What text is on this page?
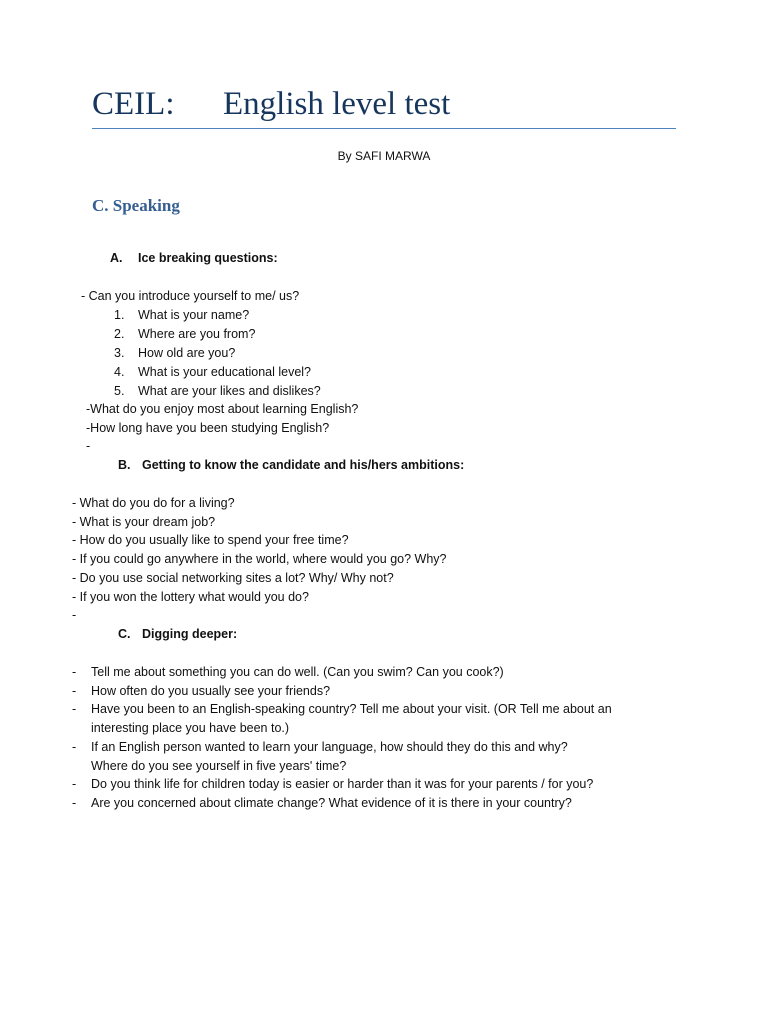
CEIL: English level test
By SAFI MARWA
C. Speaking
A. Ice breaking questions:
- Can you introduce yourself to me/ us?
1. What is your name?
2. Where are you from?
3. How old are you?
4. What is your educational level?
5. What are your likes and dislikes?
-What do you enjoy most about learning English?
-How long have you been studying English?
-
B. Getting to know the candidate and his/hers ambitions:
- What do you do for a living?
- What is your dream job?
- How do you usually like to spend your free time?
- If you could go anywhere in the world, where would you go? Why?
- Do you use social networking sites a lot? Why/ Why not?
- If you won the lottery what would you do?
-
C. Digging deeper:
- Tell me about something you can do well. (Can you swim? Can you cook?)
- How often do you usually see your friends?
- Have you been to an English-speaking country? Tell me about your visit. (OR Tell me about an
interesting place you have been to.)
- If an English person wanted to learn your language, how should they do this and why?
Where do you see yourself in five years' time?
- Do you think life for children today is easier or harder than it was for your parents / for you?
- Are you concerned about climate change? What evidence of it is there in your country?
